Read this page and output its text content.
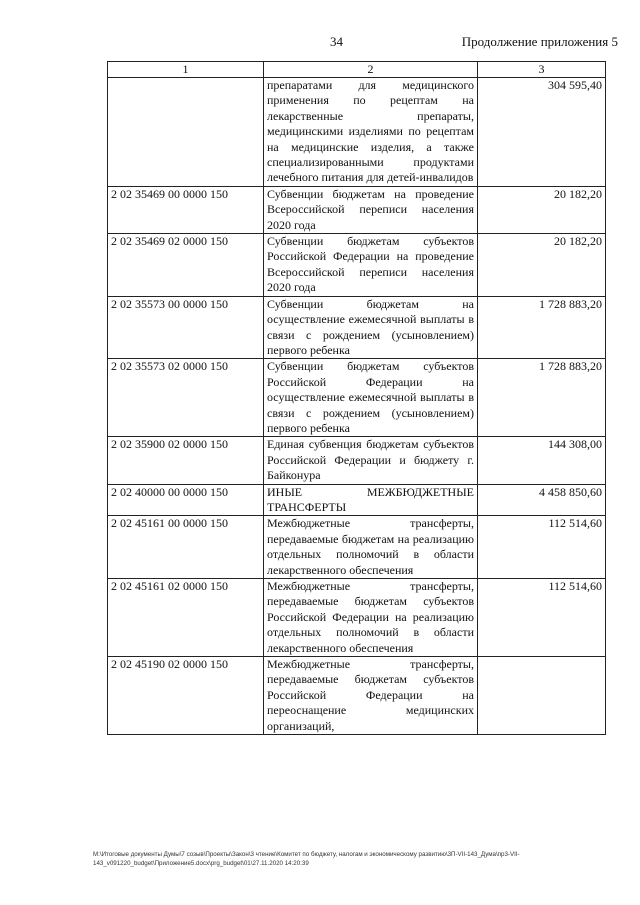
34	Продолжение приложения 5
1	2	3
	препаратами для медицинского применения по рецептам на лекарственные препараты, медицинскими изделиями по рецептам на медицинские изделия, а также специализированными продуктами лечебного питания для детей-инвалидов	304 595,40
2 02 35469 00 0000 150	Субвенции бюджетам на проведение Всероссийской переписи населения 2020 года	20 182,20
2 02 35469 02 0000 150	Субвенции бюджетам субъектов Российской Федерации на проведение Всероссийской переписи населения 2020 года	20 182,20
2 02 35573 00 0000 150	Субвенции бюджетам на осуществление ежемесячной выплаты в связи с рождением (усыновлением) первого ребенка	1 728 883,20
2 02 35573 02 0000 150	Субвенции бюджетам субъектов Российской Федерации на осуществление ежемесячной выплаты в связи с рождением (усыновлением) первого ребенка	1 728 883,20
2 02 35900 02 0000 150	Единая субвенция бюджетам субъектов Российской Федерации и бюджету г. Байконура	144 308,00
2 02 40000 00 0000 150	ИНЫЕ МЕЖБЮДЖЕТНЫЕ ТРАНСФЕРТЫ	4 458 850,60
2 02 45161 00 0000 150	Межбюджетные трансферты, передаваемые бюджетам на реализацию отдельных полномочий в области лекарственного обеспечения	112 514,60
2 02 45161 02 0000 150	Межбюджетные трансферты, передаваемые бюджетам субъектов Российской Федерации на реализацию отдельных полномочий в области лекарственного обеспечения	112 514,60
2 02 45190 02 0000 150	Межбюджетные трансферты, передаваемые бюджетам субъектов Российской Федерации на переоснащение медицинских организаций,	
M:\Итоговые документы Думы\7 созыв\Проекты\Закон\3 чтение\Комитет по бюджету, налогам и экономическому развитию\3П-VII-143_Дума\пр3-VII-
143_v091220_budget\Приложение5.docx\prg_budget\01\27.11.2020 14:20:39
